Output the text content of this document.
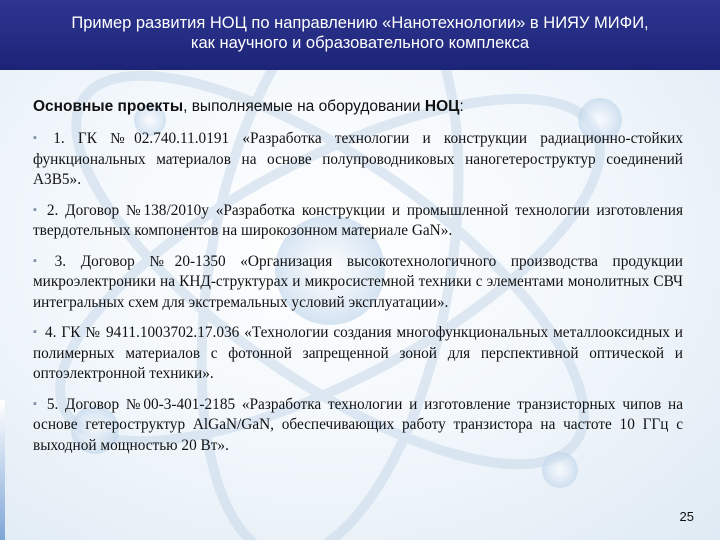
Пример развития НОЦ по направлению «Нанотехнологии» в НИЯУ МИФИ,
как научного и образовательного комплекса
Основные проекты, выполняемые на оборудовании НОЦ:
▪ 1. ГК №02.740.11.0191 «Разработка технологии и конструкции радиационно-стойких функциональных материалов на основе полупроводниковых наногетероструктур соединений А3В5».
▪ 2. Договор №138/2010у «Разработка конструкции и промышленной технологии изготовления твердотельных компонентов на широкозонном материале GaN».
▪ 3. Договор №20-1350 «Организация высокотехнологичного производства продукции микроэлектроники на КНД-структурах и микросистемной техники с элементами монолитных СВЧ интегральных схем для экстремальных условий эксплуатации».
▪ 4. ГК № 9411.1003702.17.036 «Технологии создания многофункциональных металлооксидных и полимерных материалов с фотонной запрещенной зоной для перспективной оптической и оптоэлектронной техники».
▪ 5. Договор №00-3-401-2185 «Разработка технологии и изготовление транзисторных чипов на основе гетероструктур AlGaN/GaN, обеспечивающих работу транзистора на частоте 10 ГГц с выходной мощностью 20 Вт».
25
